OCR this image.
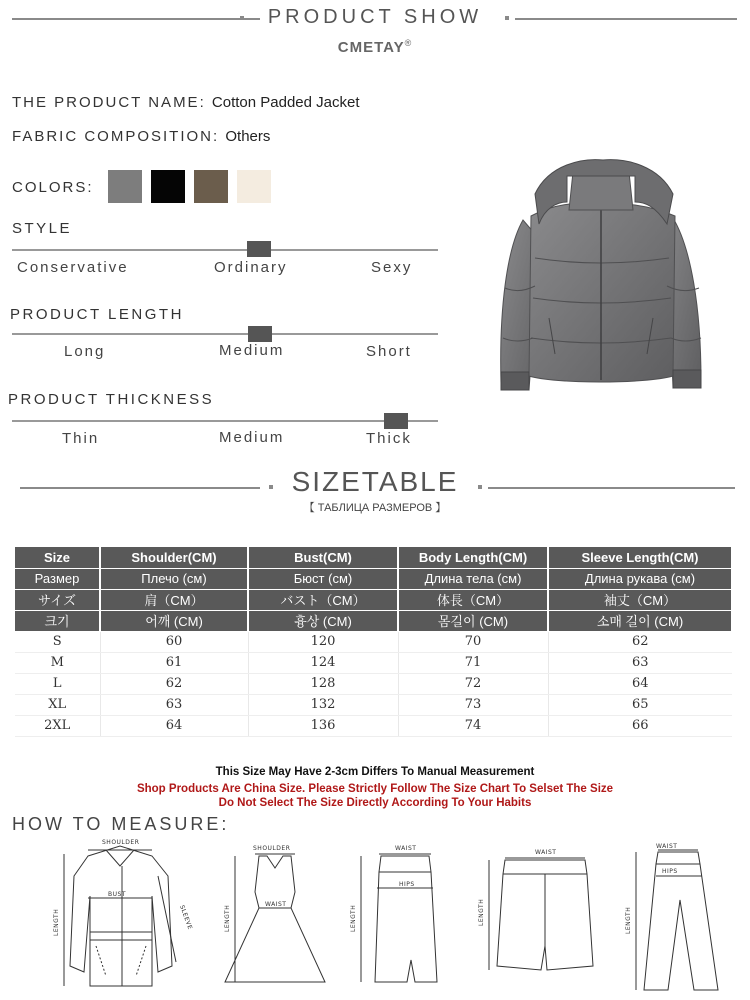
PRODUCT SHOW
CMETAY®
THE PRODUCT NAME: Cotton Padded Jacket
FABRIC COMPOSITION: Others
COLORS:
STYLE
Conservative	Ordinary	Sexy
PRODUCT LENGTH
Long	Medium	Short
PRODUCT THICKNESS
Thin	Medium	Thick
SIZETABLE
【 ТАБЛИЦА РАЗМЕРОВ 】
Size	Shoulder(CM)	Bust(CM)	Body Length(CM)	Sleeve Length(CM)
Размер	Плечо (см)	Бюст (см)	Длина тела (см)	Длина рукава (см)
サイズ	肩（CM）	バスト（CM）	体長（CM）	袖丈（CM）
크기	어깨 (CM)	흉상 (CM)	몸길이 (CM)	소매 길이 (CM)
S	60	120	70	62
M	61	124	71	63
L	62	128	72	64
XL	63	132	73	65
2XL	64	136	74	66
This Size May Have 2-3cm Differs To Manual Measurement
Shop Products Are China Size. Please Strictly Follow The Size Chart To Selset The Size
Do Not Select The Size Directly According To Your Habits
HOW TO MEASURE:
SHOULDER
BUST
LENGTH	SLEEVE
SHOULDER
WAIST
LENGTH
WAIST
HIPS
LENGTH
WAIST
LENGTH
WAIST
HIPS
LENGTH
